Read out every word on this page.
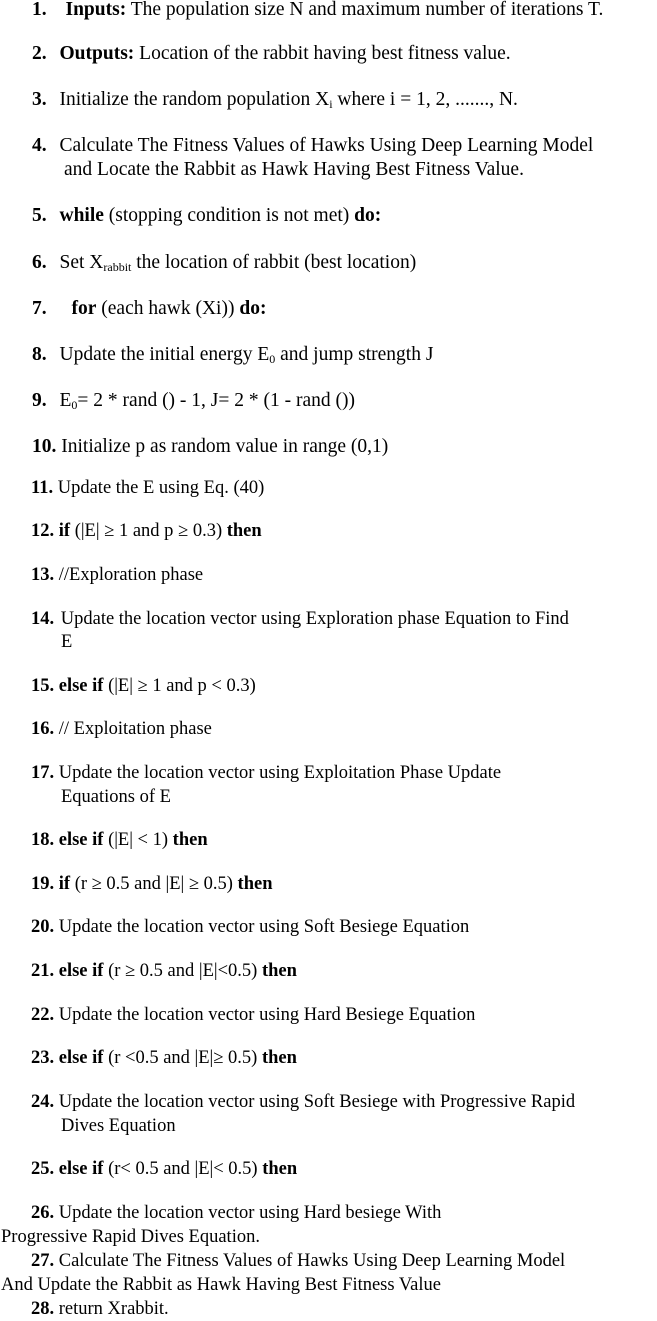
1. Inputs: The population size N and maximum number of iterations T.
2. Outputs: Location of the rabbit having best fitness value.
3. Initialize the random population $X_i$ where i = 1, 2, ......., N.
4. Calculate The Fitness Values of Hawks Using Deep Learning Model
and Locate the Rabbit as Hawk Having Best Fitness Value.
5. while (stopping condition is not met) do:
6. Set $X_{rabbit}$ the location of rabbit (best location)
7. for (each hawk (Xi)) do:
8. Update the initial energy $E_0$ and jump strength J
9. $E_0= 2$ * rand () - 1, J= 2 * (1 - rand ())
10. Initialize p as random value in range (0,1)
11. Update the E using Eq. (40)
12. if (|E| ≥ 1 and p ≥ 0.3) then
13. //Exploration phase
14. Update the location vector using Exploration phase Equation to Find
E
15. else if (|E| ≥ 1 and p < 0.3)
16. // Exploitation phase
17. Update the location vector using Exploitation Phase Update
Equations of E
18. else if (|E| < 1) then
19. if (r ≥ 0.5 and |E| ≥ 0.5) then
20. Update the location vector using Soft Besiege Equation
21. else if (r ≥ 0.5 and |E|<0.5) then
22. Update the location vector using Hard Besiege Equation
23. else if (r <0.5 and |E|≥ 0.5) then
24. Update the location vector using Soft Besiege with Progressive Rapid
Dives Equation
25. else if (r< 0.5 and |E|< 0.5) then
26. Update the location vector using Hard besiege With
Progressive Rapid Dives Equation.
27. Calculate The Fitness Values of Hawks Using Deep Learning Model
And Update the Rabbit as Hawk Having Best Fitness Value
28. return Xrabbit.
